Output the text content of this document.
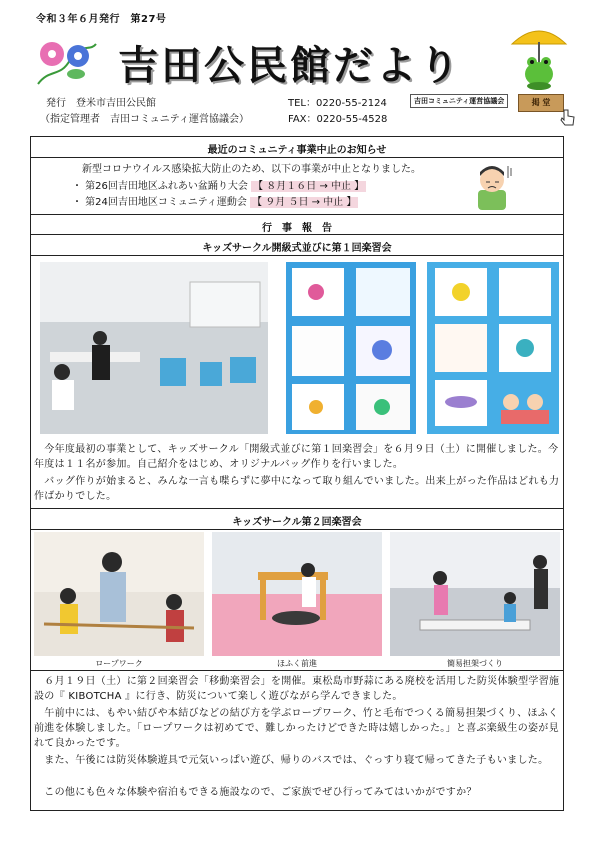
令和３年６月発行　第27号
吉田公民館だより
発行　登米市吉田公民館
（指定管理者　吉田コミュニティ運営協議会）
TEL：0220-55-2124
FAX：0220-55-4528
吉田コミュニティ運営協議会	掲 堂
最近のコミュニティ事業中止のお知らせ
新型コロナウイルス感染拡大防止のため、以下の事業が中止となりました。
・ 第26回吉田地区ふれあい盆踊り大会 【 ８月１６日 → 中止 】
・ 第24回吉田地区コミュニティ運動会 【 ９月 ５日 → 中止 】
行　事　報　告
キッズサークル開級式並びに第１回楽習会
　今年度最初の事業として、キッズサークル「開級式並びに第１回楽習会」を６月９日（土）に開催しました。今年度は１１名が参加。自己紹介をはじめ、オリジナルバッグ作りを行いました。
　バッグ作りが始まると、みんな一言も喋らずに夢中になって取り組んでいました。出来上がった作品はどれも力作ばかりでした。
キッズサークル第２回楽習会
ロープワーク	ほふく前進	簡易担架づくり
　６月１９日（土）に第２回楽習会「移動楽習会」を開催。東松島市野蒜にある廃校を活用した防災体験型学習施設の『 KIBOTCHA 』に行き、防災について楽しく遊びながら学んできました。
　午前中には、もやい結びや本結びなどの結び方を学ぶロープワーク、竹と毛布でつくる簡易担架づくり、ほふく前進を体験しました。「ロープワークは初めてで、難しかったけどできた時は嬉しかった。」と喜ぶ楽級生の姿が見れて良かったです。
　また、午後には防災体験遊具で元気いっぱい遊び、帰りのバスでは、ぐっすり寝て帰ってきた子もいました。
　この他にも色々な体験や宿泊もできる施設なので、ご家族でぜひ行ってみてはいかがですか？
